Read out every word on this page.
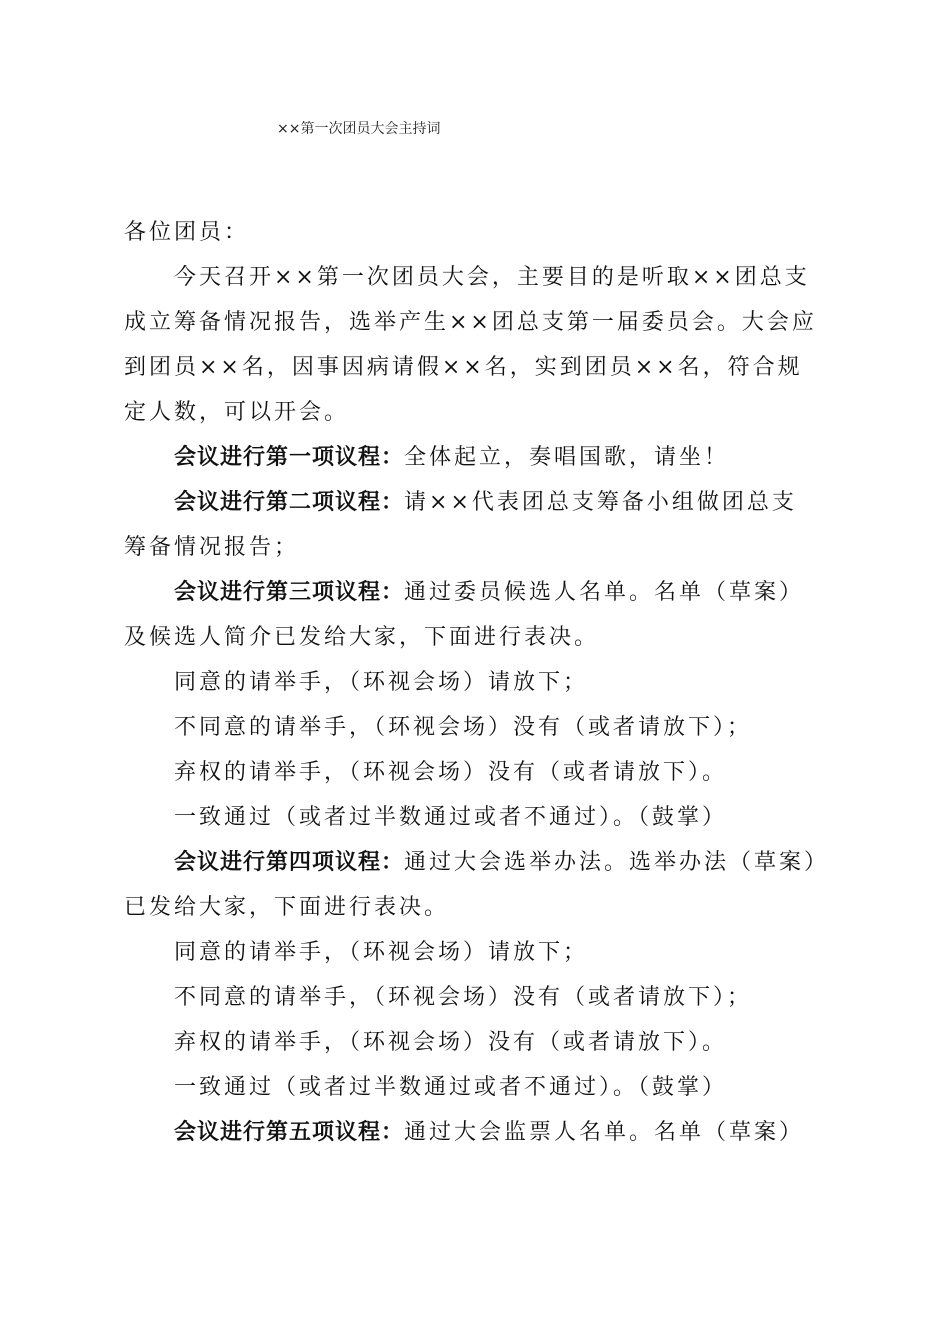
××第一次团员大会主持词
各位团员：
今天召开××第一次团员大会，主要目的是听取××团总支
成立筹备情况报告，选举产生××团总支第一届委员会。大会应
到团员××名，因事因病请假××名，实到团员××名，符合规
定人数，可以开会。
会议进行第一项议程：全体起立，奏唱国歌，请坐！
会议进行第二项议程：请××代表团总支筹备小组做团总支
筹备情况报告；
会议进行第三项议程：通过委员候选人名单。名单（草案）
及候选人简介已发给大家，下面进行表决。
同意的请举手，（环视会场）请放下；
不同意的请举手，（环视会场）没有（或者请放下）；
弃权的请举手，（环视会场）没有（或者请放下）。
一致通过（或者过半数通过或者不通过）。（鼓掌）
会议进行第四项议程：通过大会选举办法。选举办法（草案）
已发给大家，下面进行表决。
同意的请举手，（环视会场）请放下；
不同意的请举手，（环视会场）没有（或者请放下）；
弃权的请举手，（环视会场）没有（或者请放下）。
一致通过（或者过半数通过或者不通过）。（鼓掌）
会议进行第五项议程：通过大会监票人名单。名单（草案）
